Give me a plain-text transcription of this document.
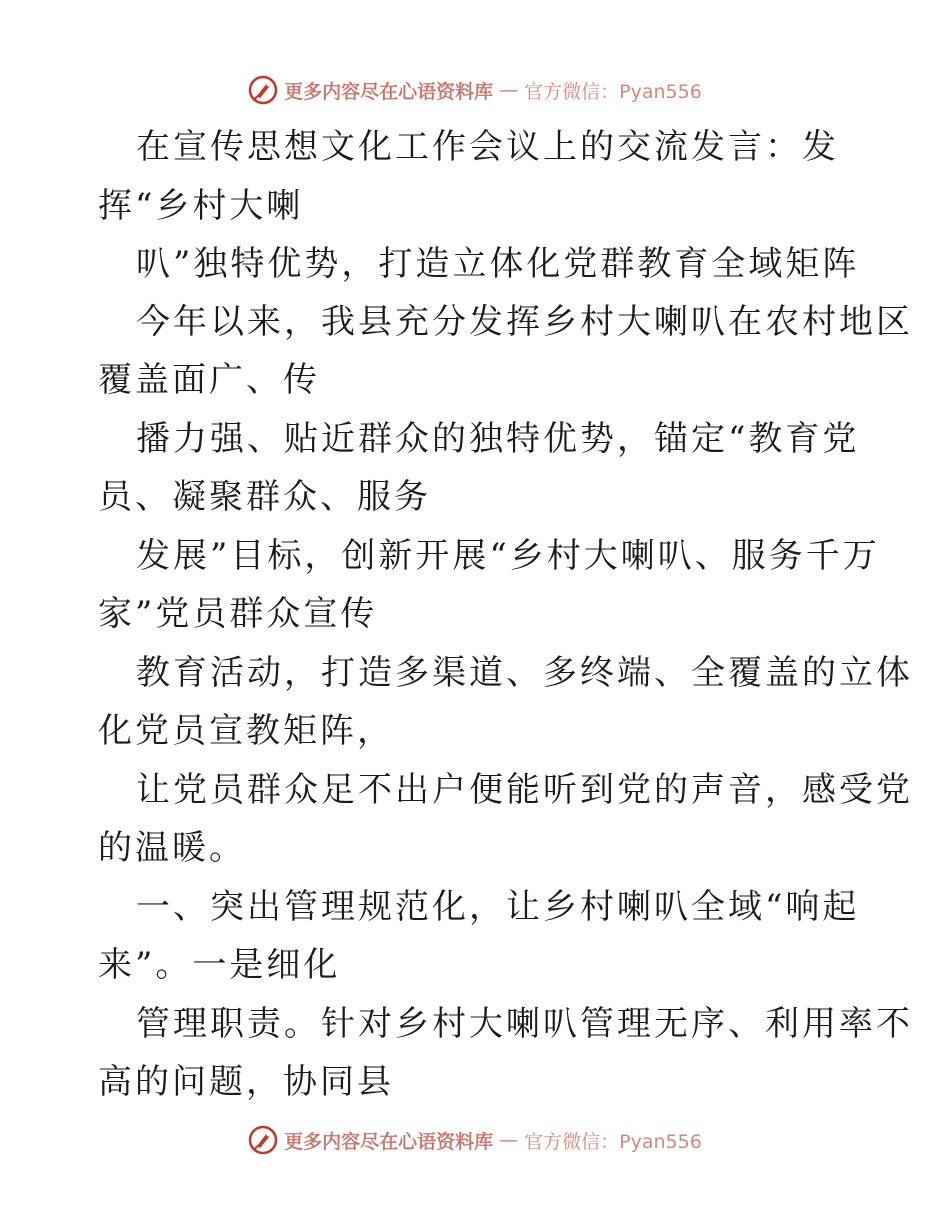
更多内容尽在心语资料库 — 官方微信：Pyan556
在宣传思想文化工作会议上的交流发言：发
挥“乡村大喇
叭”独特优势，打造立体化党群教育全域矩阵
今年以来，我县充分发挥乡村大喇叭在农村地区
覆盖面广、传
播力强、贴近群众的独特优势，锚定“教育党
员、凝聚群众、服务
发展”目标，创新开展“乡村大喇叭、服务千万
家”党员群众宣传
教育活动，打造多渠道、多终端、全覆盖的立体
化党员宣教矩阵，
让党员群众足不出户便能听到党的声音，感受党
的温暖。
一、突出管理规范化，让乡村喇叭全域“响起
来”。一是细化
管理职责。针对乡村大喇叭管理无序、利用率不
高的问题，协同县
更多内容尽在心语资料库 — 官方微信：Pyan556
